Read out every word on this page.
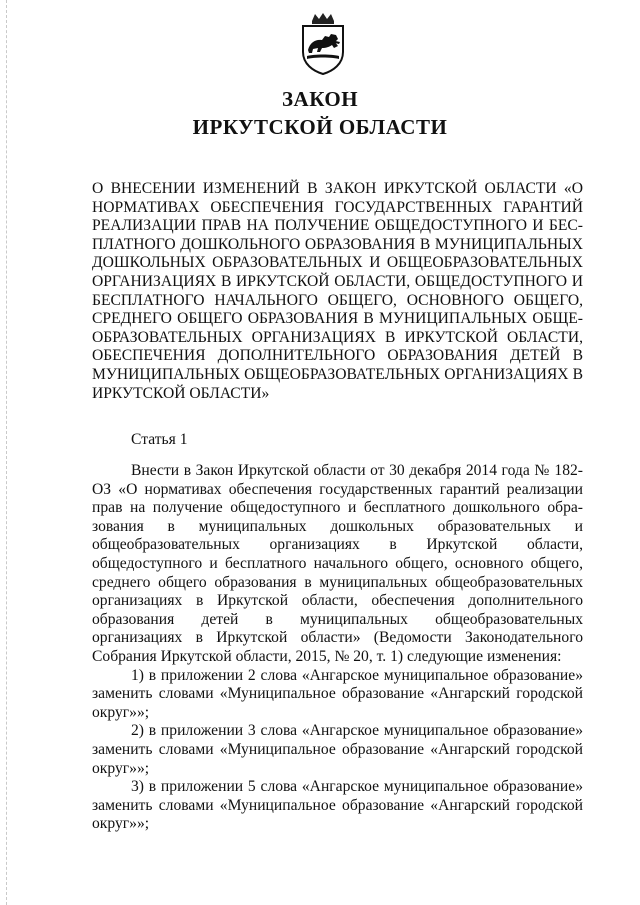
ЗАКОН
ИРКУТСКОЙ ОБЛАСТИ
О ВНЕСЕНИИ ИЗМЕНЕНИЙ В ЗАКОН ИРКУТСКОЙ ОБЛАСТИ «О НОРМАТИВАХ ОБЕСПЕЧЕНИЯ ГОСУДАРСТВЕННЫХ ГАРАНТИЙ РЕАЛИЗАЦИИ ПРАВ НА ПОЛУЧЕНИЕ ОБЩЕДОСТУПНОГО И БЕСПЛАТНОГО ДОШКОЛЬНОГО ОБРАЗОВАНИЯ В МУНИЦИПАЛЬНЫХ ДОШКОЛЬНЫХ ОБРАЗОВАТЕЛЬНЫХ И ОБЩЕОБРАЗОВАТЕЛЬНЫХ ОРГАНИЗАЦИЯХ В ИРКУТСКОЙ ОБЛАСТИ, ОБЩЕДОСТУПНОГО И БЕСПЛАТНОГО НАЧАЛЬНОГО ОБЩЕГО, ОСНОВНОГО ОБЩЕГО, СРЕДНЕГО ОБЩЕГО ОБРАЗОВАНИЯ В МУНИЦИПАЛЬНЫХ ОБЩЕОБРАЗОВАТЕЛЬНЫХ ОРГАНИЗАЦИЯХ В ИРКУТСКОЙ ОБЛАСТИ, ОБЕСПЕЧЕНИЯ ДОПОЛНИТЕЛЬНОГО ОБРАЗОВАНИЯ ДЕТЕЙ В МУНИЦИПАЛЬНЫХ ОБЩЕОБРАЗОВАТЕЛЬНЫХ ОРГАНИЗАЦИЯХ В ИРКУТСКОЙ ОБЛАСТИ»
Статья 1

Внести в Закон Иркутской области от 30 декабря 2014 года № 182-ОЗ «О нормативах обеспечения государственных гарантий реализации прав на получение общедоступного и бесплатного дошкольного образования в муниципальных дошкольных образовательных и общеобразовательных организациях в Иркутской области, общедоступного и бесплатного начального общего, основного общего, среднего общего образования в муниципальных общеобразовательных организациях в Иркутской области, обеспечения дополнительного образования детей в муниципальных общеобразовательных организациях в Иркутской области» (Ведомости Законодательного Собрания Иркутской области, 2015, № 20, т. 1) следующие изменения:

1) в приложении 2 слова «Ангарское муниципальное образование» заменить словами «Муниципальное образование «Ангарский городской округ»»;

2) в приложении 3 слова «Ангарское муниципальное образование» заменить словами «Муниципальное образование «Ангарский городской округ»»;

3) в приложении 5 слова «Ангарское муниципальное образование» заменить словами «Муниципальное образование «Ангарский городской округ»»;
